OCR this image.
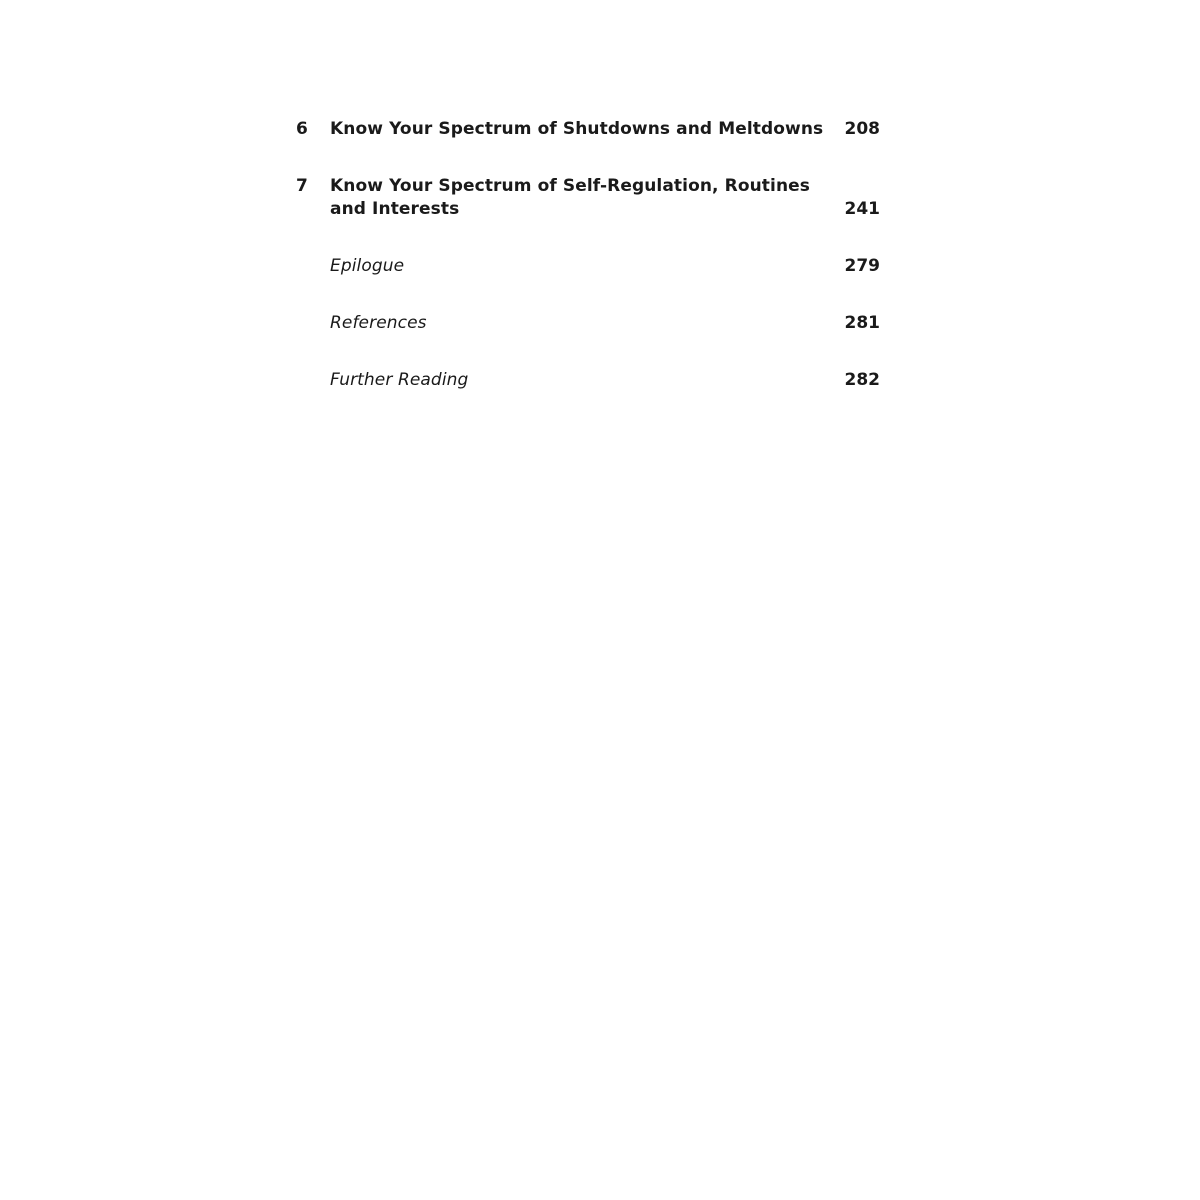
6 Know Your Spectrum of Shutdowns and Meltdowns 208
7 Know Your Spectrum of Self-Regulation, Routines
and Interests	241
Epilogue	279
References	281
Further Reading	282
